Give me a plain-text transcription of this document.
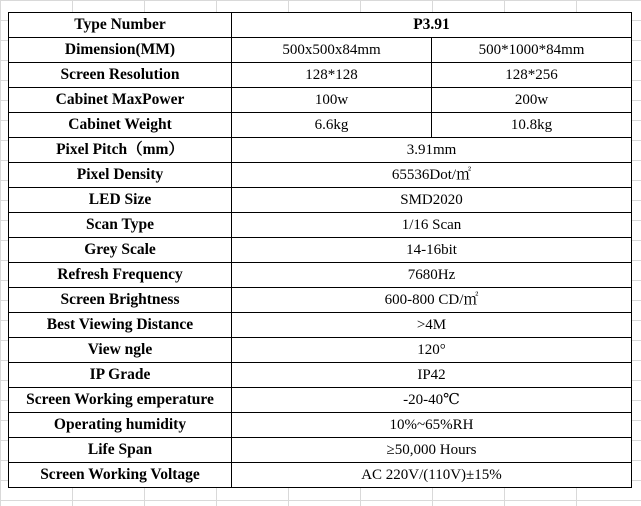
Type Number	P3.91	
Dimension(MM)	500x500x84mm	500*1000*84mm
Screen Resolution	128*128	128*256
Cabinet MaxPower	100w	200w
Cabinet Weight	6.6kg	10.8kg
Pixel Pitch（mm）	3.91mm	
Pixel Density	65536Dot/㎡	
LED Size	SMD2020	
Scan Type	1/16 Scan	
Grey Scale	14-16bit	
Refresh Frequency	7680Hz	
Screen Brightness	600-800 CD/㎡	
Best Viewing Distance	>4M	
View ngle	120°	
IP Grade	IP42	
Screen Working emperature	-20-40℃	
Operating humidity	10%~65%RH	
Life Span	≥50,000 Hours	
Screen Working Voltage	AC 220V/(110V)±15%	
